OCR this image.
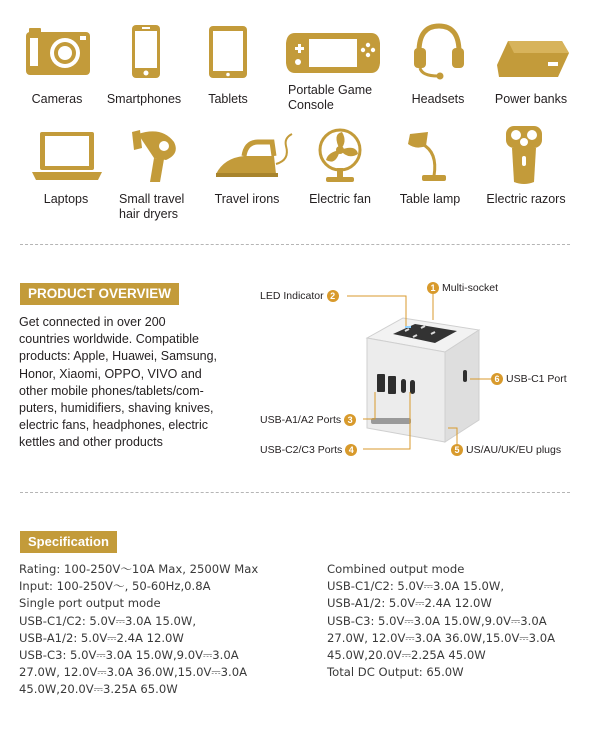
Cameras	Smartphones	Tablets
Portable Game
Console	Headsets	Power banks
Laptops	Small travel
hair dryers
Travel irons	Electric fan	Table lamp	Electric razors
PRODUCT OVERVIEW
Get connected in over 200
countries worldwide. Compatible
products: Apple, Huawei, Samsung,
Honor, Xiaomi, OPPO, VIVO and
other mobile phones/tablets/com-
puters, humidifiers, shaving knives,
electric fans, headphones, electric
kettles and other products
1 Multi-socket
LED Indicator 2
USB-A1/A2 Ports 3
USB-C2/C3 Ports 4	5 US/AU/UK/EU plugs
6 USB-C1 Port
Specification
Rating: 100-250V～10A Max, 2500W Max
Input: 100-250V～, 50-60Hz,0.8A
Single port output mode
USB-C1/C2: 5.0V⎓3.0A 15.0W,
USB-A1/2: 5.0V⎓2.4A 12.0W
USB-C3: 5.0V⎓3.0A 15.0W,9.0V⎓3.0A
27.0W, 12.0V⎓3.0A 36.0W,15.0V⎓3.0A
45.0W,20.0V⎓3.25A 65.0W
Combined output mode
USB-C1/C2: 5.0V⎓3.0A 15.0W,
USB-A1/2: 5.0V⎓2.4A 12.0W
USB-C3: 5.0V⎓3.0A 15.0W,9.0V⎓3.0A
27.0W, 12.0V⎓3.0A 36.0W,15.0V⎓3.0A
45.0W,20.0V⎓2.25A 45.0W
Total DC Output: 65.0W
